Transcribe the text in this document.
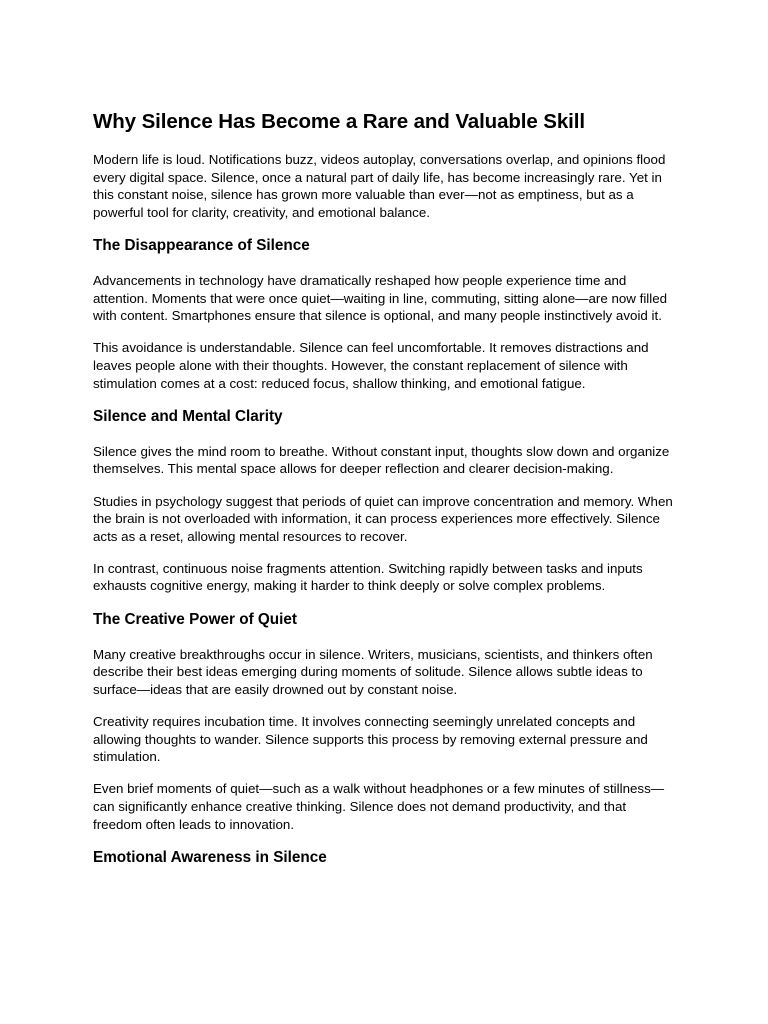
Why Silence Has Become a Rare and Valuable Skill

Modern life is loud. Notifications buzz, videos autoplay, conversations overlap, and opinions flood every digital space. Silence, once a natural part of daily life, has become increasingly rare. Yet in this constant noise, silence has grown more valuable than ever—not as emptiness, but as a powerful tool for clarity, creativity, and emotional balance.

The Disappearance of Silence

Advancements in technology have dramatically reshaped how people experience time and attention. Moments that were once quiet—waiting in line, commuting, sitting alone—are now filled with content. Smartphones ensure that silence is optional, and many people instinctively avoid it.

This avoidance is understandable. Silence can feel uncomfortable. It removes distractions and leaves people alone with their thoughts. However, the constant replacement of silence with stimulation comes at a cost: reduced focus, shallow thinking, and emotional fatigue.

Silence and Mental Clarity

Silence gives the mind room to breathe. Without constant input, thoughts slow down and organize themselves. This mental space allows for deeper reflection and clearer decision-making.

Studies in psychology suggest that periods of quiet can improve concentration and memory. When the brain is not overloaded with information, it can process experiences more effectively. Silence acts as a reset, allowing mental resources to recover.

In contrast, continuous noise fragments attention. Switching rapidly between tasks and inputs exhausts cognitive energy, making it harder to think deeply or solve complex problems.

The Creative Power of Quiet

Many creative breakthroughs occur in silence. Writers, musicians, scientists, and thinkers often describe their best ideas emerging during moments of solitude. Silence allows subtle ideas to surface—ideas that are easily drowned out by constant noise.

Creativity requires incubation time. It involves connecting seemingly unrelated concepts and allowing thoughts to wander. Silence supports this process by removing external pressure and stimulation.

Even brief moments of quiet—such as a walk without headphones or a few minutes of stillness—can significantly enhance creative thinking. Silence does not demand productivity, and that freedom often leads to innovation.

Emotional Awareness in Silence
